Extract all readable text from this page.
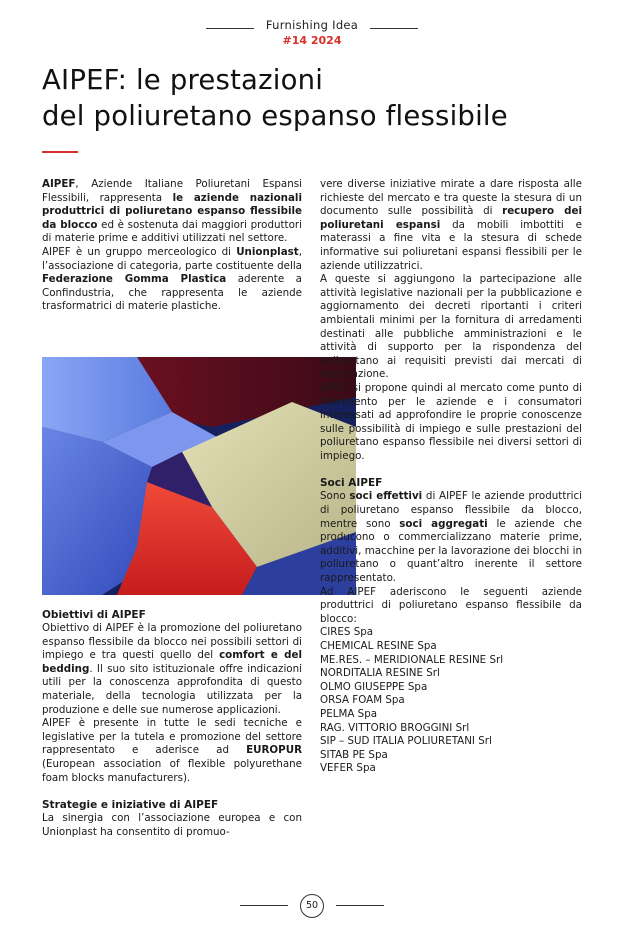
Furnishing Idea
#14 2024
AIPEF: le prestazioni
del poliuretano espanso flessibile

AIPEF, Aziende Italiane Poliuretani Espansi Flessibili, rappresenta le aziende nazionali produttrici di poliuretano espanso flessibile da blocco ed è sostenuta dai maggiori produttori di materie prime e additivi utilizzati nel settore.

AIPEF è un gruppo merceologico di Unionplast, l’associazione di categoria, parte costituente della Federazione Gomma Plastica aderente a Confindustria, che rappresenta le aziende trasformatrici di materie plastiche.

Obiettivi di AIPEF

Obiettivo di AIPEF è la promozione del poliuretano espanso flessibile da blocco nei possibili settori di impiego e tra questi quello del comfort e del bedding. Il suo sito istituzionale offre indicazioni utili per la conoscenza approfondita di questo materiale, della tecnologia utilizzata per la produzione e delle sue numerose applicazioni.

AIPEF è presente in tutte le sedi tecniche e legislative per la tutela e promozione del settore rappresentato e aderisce ad EUROPUR (European association of flexible polyurethane foam blocks manufacturers).

Strategie e iniziative di AIPEF

La sinergia con l’associazione europea e con Unionplast ha consentito di promuo-

vere diverse iniziative mirate a dare risposta alle richieste del mercato e tra queste la stesura di un documento sulle possibilità di recupero dei poliuretani espansi da mobili imbottiti e materassi a fine vita e la stesura di schede informative sui poliuretani espansi flessibili per le aziende utilizzatrici.

A queste si aggiungono la partecipazione alle attività legislative nazionali per la pubblicazione e aggiornamento dei decreti riportanti i criteri ambientali minimi per la fornitura di arredamenti destinati alle pubbliche amministrazioni e le attività di supporto per la rispondenza del poliuretano ai requisiti previsti dai mercati di destinazione.

AIPEF si propone quindi al mercato come punto di riferimento per le aziende e i consumatori interessati ad approfondire le proprie conoscenze sulle possibilità di impiego e sulle prestazioni del poliuretano espanso flessibile nei diversi settori di impiego.

Soci AIPEF

Sono soci effettivi di AIPEF le aziende produttrici di poliuretano espanso flessibile da blocco, mentre sono soci aggregati le aziende che producono o commercializzano materie prime, additivi, macchine per la lavorazione dei blocchi in poliuretano o quant’altro inerente il settore rappresentato.

Ad AIPEF aderiscono le seguenti aziende produttrici di poliuretano espanso flessibile da blocco:

CIRES Spa
CHEMICAL RESINE Spa
ME.RES. – MERIDIONALE RESINE Srl
NORDITALIA RESINE Srl
OLMO GIUSEPPE Spa
ORSA FOAM Spa
PELMA Spa
RAG. VITTORIO BROGGINI Srl
SIP – SUD ITALIA POLIURETANI Srl
SITAB PE Spa
VEFER Spa
50
